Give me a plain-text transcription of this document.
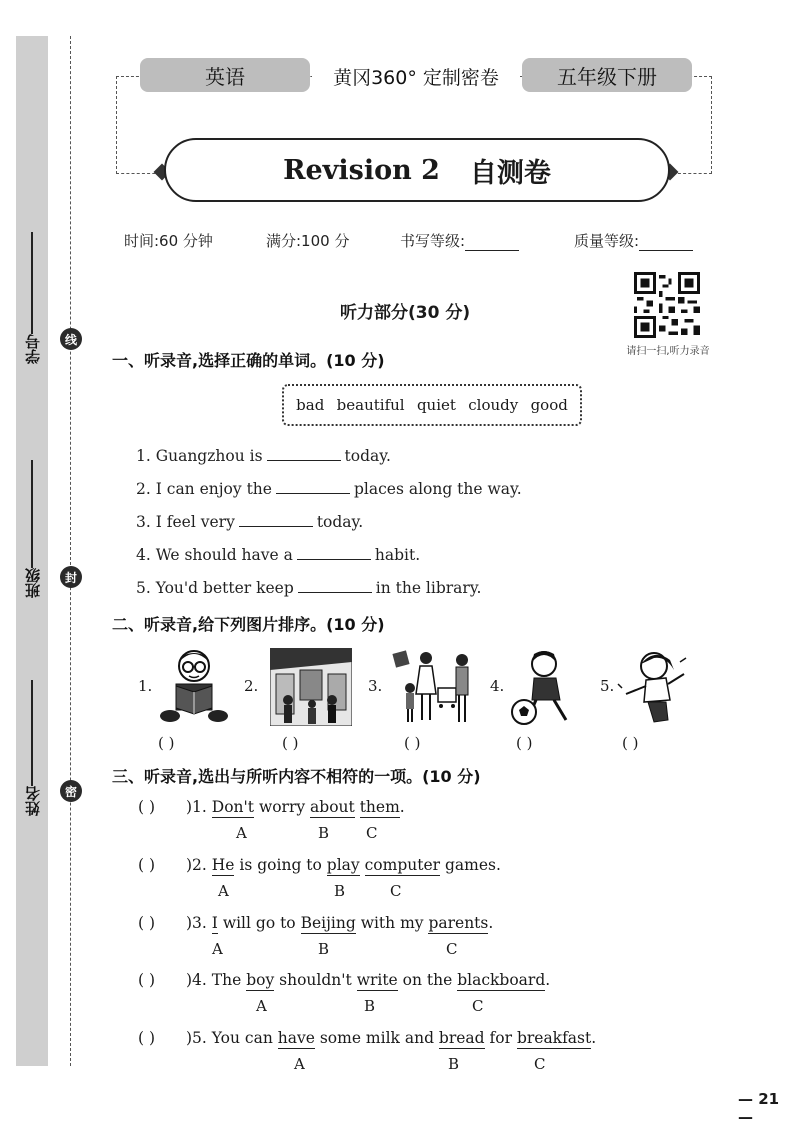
线
封
密
学号
班级
姓名
英语	黄冈360° 定制密卷	五年级下册
Revision 2 自测卷
时间:60 分钟	满分:100 分	书写等级:	质量等级:
请扫一扫,听力录音
听力部分(30 分)
一、听录音,选择正确的单词。(10 分)
bad beautiful quiet cloudy good
1. Guangzhou is	today.
2. I can enjoy the	places along the way.
3. I feel very	today.
4. We should have a	habit.
5. You'd better keep	in the library.
二、听录音,给下列图片排序。(10 分)
1.	2.	3.	4.	5.
( )	( )	( )	( )	( )
三、听录音,选出与所听内容不相符的一项。(10 分)
( ) )1. Don't worry about them.
A	B C
( ) )2. He is going to play computer games.
A	B	C
( ) )3. I will go to Beijing with my parents.
A	B	C
( ) )4. The boy shouldn't write on the blackboard.
A	B	C
( ) )5. You can have some milk and bread for breakfast.
A	B	C
— 21 —
